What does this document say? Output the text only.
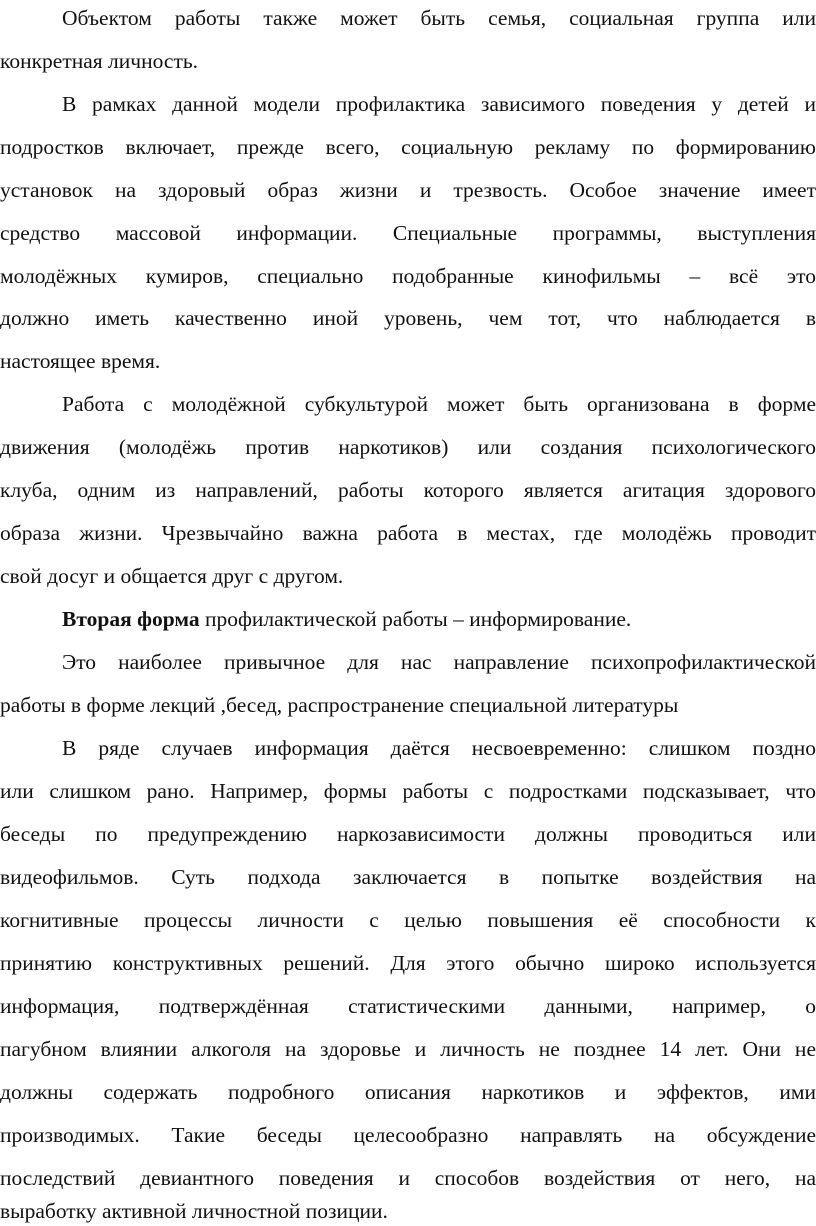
Объектом работы также может быть семья, социальная группа или
конкретная личность.
В рамках данной модели профилактика зависимого поведения у детей и
подростков включает, прежде всего, социальную рекламу по формированию
установок на здоровый образ жизни и трезвость. Особое значение имеет
средство массовой информации. Специальные программы, выступления
молодёжных кумиров, специально подобранные кинофильмы – всё это
должно иметь качественно иной уровень, чем тот, что наблюдается в
настоящее время.
Работа с молодёжной субкультурой может быть организована в форме
движения (молодёжь против наркотиков) или создания психологического
клуба, одним из направлений, работы которого является агитация здорового
образа жизни. Чрезвычайно важна работа в местах, где молодёжь проводит
свой досуг и общается друг с другом.
Вторая форма профилактической работы – информирование.
Это наиболее привычное для нас направление психопрофилактической
работы в форме лекций ,бесед, распространение специальной литературы
В ряде случаев информация даётся несвоевременно: слишком поздно
или слишком рано. Например, формы работы с подростками подсказывает, что
беседы по предупреждению наркозависимости должны проводиться или
видеофильмов. Суть подхода заключается в попытке воздействия на
когнитивные процессы личности с целью повышения её способности к
принятию конструктивных решений. Для этого обычно широко используется
информация, подтверждённая статистическими данными, например, о
пагубном влиянии алкоголя на здоровье и личность не позднее 14 лет. Они не
должны содержать подробного описания наркотиков и эффектов, ими
производимых. Такие беседы целесообразно направлять на обсуждение
последствий девиантного поведения и способов воздействия от него, на
выработку активной личностной позиции.
